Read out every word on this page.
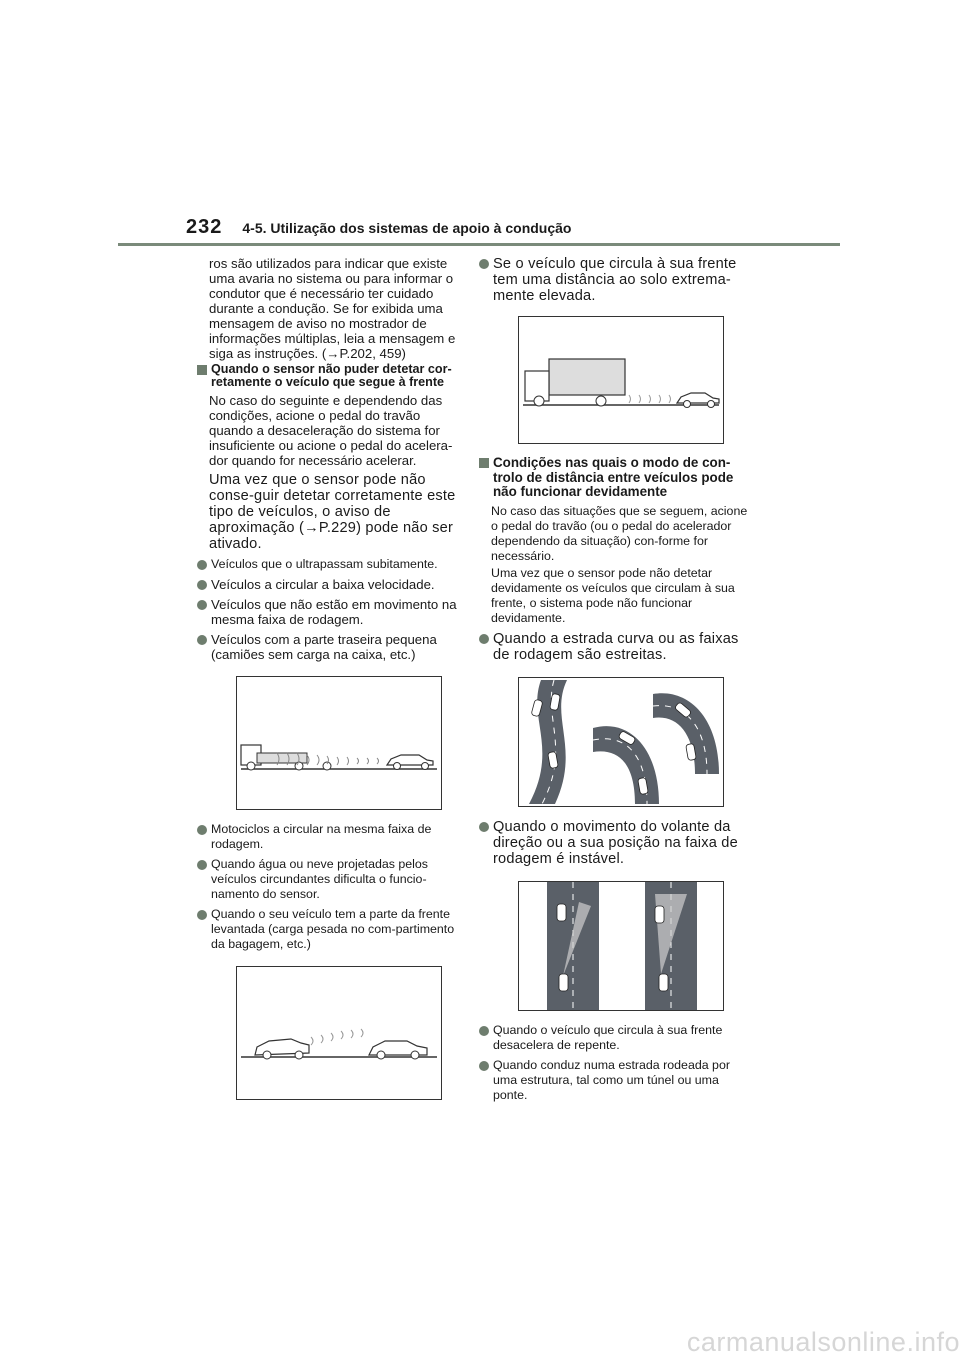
232 4-5. Utilização dos sistemas de apoio à condução

ros são utilizados para indicar que existe uma avaria no sistema ou para informar o condutor que é necessário ter cuidado durante a condução. Se for exibida uma mensagem de aviso no mostrador de informações múltiplas, leia a mensagem e siga as instruções. (→P.202, 459)

Quando o sensor não puder detetar cor-retamente o veículo que segue à frente

No caso do seguinte e dependendo das condições, acione o pedal do travão quando a desaceleração do sistema for insuficiente ou acione o pedal do acelera-dor quando for necessário acelerar.

Uma vez que o sensor pode não conse-guir detetar corretamente este tipo de veículos, o aviso de aproximação (→P.229) pode não ser ativado.

Veículos que o ultrapassam subitamente.
Veículos a circular a baixa velocidade.
Veículos que não estão em movimento na mesma faixa de rodagem.
Veículos com a parte traseira pequena (camiões sem carga na caixa, etc.)
Motociclos a circular na mesma faixa de rodagem.
Quando água ou neve projetadas pelos veículos circundantes dificulta o funcio-namento do sensor.
Quando o seu veículo tem a parte da frente levantada (carga pesada no com-partimento da bagagem, etc.)
Se o veículo que circula à sua frente tem uma distância ao solo extrema-mente elevada.
Condições nas quais o modo de con-trolo de distância entre veículos pode não funcionar devidamente

No caso das situações que se seguem, acione o pedal do travão (ou o pedal do acelerador dependendo da situação) con-forme for necessário.

Uma vez que o sensor pode não detetar devidamente os veículos que circulam à sua frente, o sistema pode não funcionar devidamente.

Quando a estrada curva ou as faixas de rodagem são estreitas.
Quando o movimento do volante da direção ou a sua posição na faixa de rodagem é instável.
Quando o veículo que circula à sua frente desacelera de repente.
Quando conduz numa estrada rodeada por uma estrutura, tal como um túnel ou uma ponte.
carmanualsonline.info
